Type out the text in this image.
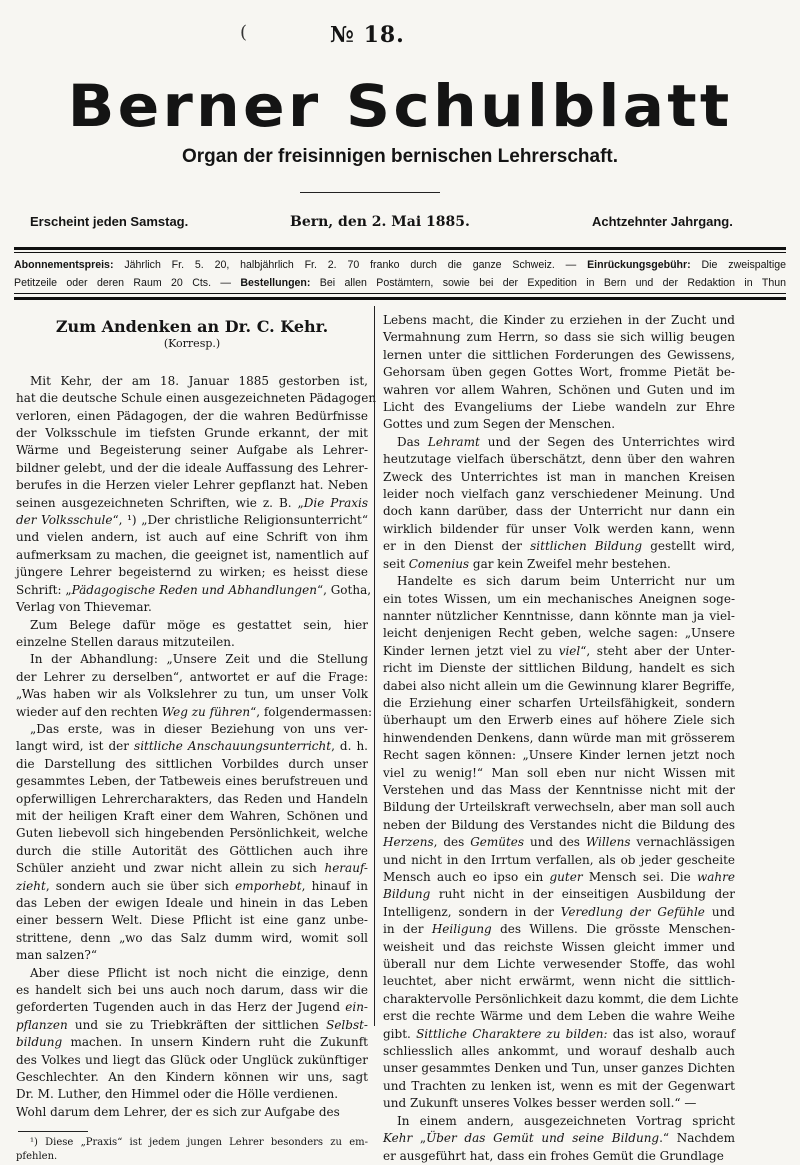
(	№ 18.
Berner Schulblatt
Organ der freisinnigen bernischen Lehrerschaft.
Erscheint jeden Samstag.	Bern, den 2. Mai 1885.	Achtzehnter Jahrgang.
Abonnementspreis: Jährlich Fr. 5. 20, halbjährlich Fr. 2. 70 franko durch die ganze Schweiz. — Einrückungsgebühr: Die zweispaltige
Petitzeile oder deren Raum 20 Cts. — Bestellungen: Bei allen Postämtern, sowie bei der Expedition in Bern und der Redaktion in Thun
Zum Andenken an Dr. C. Kehr.
(Korresp.)
Mit Kehr, der am 18. Januar 1885 gestorben ist,
hat die deutsche Schule einen ausgezeichneten Pädagogen
verloren, einen Pädagogen, der die wahren Bedürfnisse
der Volksschule im tiefsten Grunde erkannt, der mit
Wärme und Begeisterung seiner Aufgabe als Lehrer-
bildner gelebt, und der die ideale Auffassung des Lehrer-
berufes in die Herzen vieler Lehrer gepflanzt hat. Neben
seinen ausgezeichneten Schriften, wie z. B. „Die Praxis
der Volksschule“, ¹) „Der christliche Religionsunterricht“
und vielen andern, ist auch auf eine Schrift von ihm
aufmerksam zu machen, die geeignet ist, namentlich auf
jüngere Lehrer begeisternd zu wirken; es heisst diese
Schrift: „Pädagogische Reden und Abhandlungen“, Gotha,
Verlag von Thievemar.
Zum Belege dafür möge es gestattet sein, hier
einzelne Stellen daraus mitzuteilen.
In der Abhandlung: „Unsere Zeit und die Stellung
der Lehrer zu derselben“, antwortet er auf die Frage:
„Was haben wir als Volkslehrer zu tun, um unser Volk
wieder auf den rechten Weg zu führen“, folgendermassen:
„Das erste, was in dieser Beziehung von uns ver-
langt wird, ist der sittliche Anschauungsunterricht, d. h.
die Darstellung des sittlichen Vorbildes durch unser
gesammtes Leben, der Tatbeweis eines berufstreuen und
opferwilligen Lehrercharakters, das Reden und Handeln
mit der heiligen Kraft einer dem Wahren, Schönen und
Guten liebevoll sich hingebenden Persönlichkeit, welche
durch die stille Autorität des Göttlichen auch ihre
Schüler anzieht und zwar nicht allein zu sich herauf-
zieht, sondern auch sie über sich emporhebt, hinauf in
das Leben der ewigen Ideale und hinein in das Leben
einer bessern Welt. Diese Pflicht ist eine ganz unbe-
strittene, denn „wo das Salz dumm wird, womit soll
man salzen?“
Aber diese Pflicht ist noch nicht die einzige, denn
es handelt sich bei uns auch noch darum, dass wir die
geforderten Tugenden auch in das Herz der Jugend ein-
pflanzen und sie zu Triebkräften der sittlichen Selbst-
bildung machen. In unsern Kindern ruht die Zukunft
des Volkes und liegt das Glück oder Unglück zukünftiger
Geschlechter. An den Kindern können wir uns, sagt
Dr. M. Luther, den Himmel oder die Hölle verdienen.
Wohl darum dem Lehrer, der es sich zur Aufgabe des
¹) Diese „Praxis“ ist jedem jungen Lehrer besonders zu em-
pfehlen.
Lebens macht, die Kinder zu erziehen in der Zucht und
Vermahnung zum Herrn, so dass sie sich willig beugen
lernen unter die sittlichen Forderungen des Gewissens,
Gehorsam üben gegen Gottes Wort, fromme Pietät be-
wahren vor allem Wahren, Schönen und Guten und im
Licht des Evangeliums der Liebe wandeln zur Ehre
Gottes und zum Segen der Menschen.
Das Lehramt und der Segen des Unterrichtes wird
heutzutage vielfach überschätzt, denn über den wahren
Zweck des Unterrichtes ist man in manchen Kreisen
leider noch vielfach ganz verschiedener Meinung. Und
doch kann darüber, dass der Unterricht nur dann ein
wirklich bildender für unser Volk werden kann, wenn
er in den Dienst der sittlichen Bildung gestellt wird,
seit Comenius gar kein Zweifel mehr bestehen.
Handelte es sich darum beim Unterricht nur um
ein totes Wissen, um ein mechanisches Aneignen soge-
nannter nützlicher Kenntnisse, dann könnte man ja viel-
leicht denjenigen Recht geben, welche sagen: „Unsere
Kinder lernen jetzt viel zu viel“, steht aber der Unter-
richt im Dienste der sittlichen Bildung, handelt es sich
dabei also nicht allein um die Gewinnung klarer Begriffe,
die Erziehung einer scharfen Urteilsfähigkeit, sondern
überhaupt um den Erwerb eines auf höhere Ziele sich
hinwendenden Denkens, dann würde man mit grösserem
Recht sagen können: „Unsere Kinder lernen jetzt noch
viel zu wenig!“ Man soll eben nur nicht Wissen mit
Verstehen und das Mass der Kenntnisse nicht mit der
Bildung der Urteilskraft verwechseln, aber man soll auch
neben der Bildung des Verstandes nicht die Bildung des
Herzens, des Gemütes und des Willens vernachlässigen
und nicht in den Irrtum verfallen, als ob jeder gescheite
Mensch auch eo ipso ein guter Mensch sei. Die wahre
Bildung ruht nicht in der einseitigen Ausbildung der
Intelligenz, sondern in der Veredlung der Gefühle und
in der Heiligung des Willens. Die grösste Menschen-
weisheit und das reichste Wissen gleicht immer und
überall nur dem Lichte verwesender Stoffe, das wohl
leuchtet, aber nicht erwärmt, wenn nicht die sittlich-
charaktervolle Persönlichkeit dazu kommt, die dem Lichte
erst die rechte Wärme und dem Leben die wahre Weihe
gibt. Sittliche Charaktere zu bilden: das ist also, worauf
schliesslich alles ankommt, und worauf deshalb auch
unser gesammtes Denken und Tun, unser ganzes Dichten
und Trachten zu lenken ist, wenn es mit der Gegenwart
und Zukunft unseres Volkes besser werden soll.“ —
In einem andern, ausgezeichneten Vortrag spricht
Kehr „Über das Gemüt und seine Bildung.“ Nachdem
er ausgeführt hat, dass ein frohes Gemüt die Grundlage
